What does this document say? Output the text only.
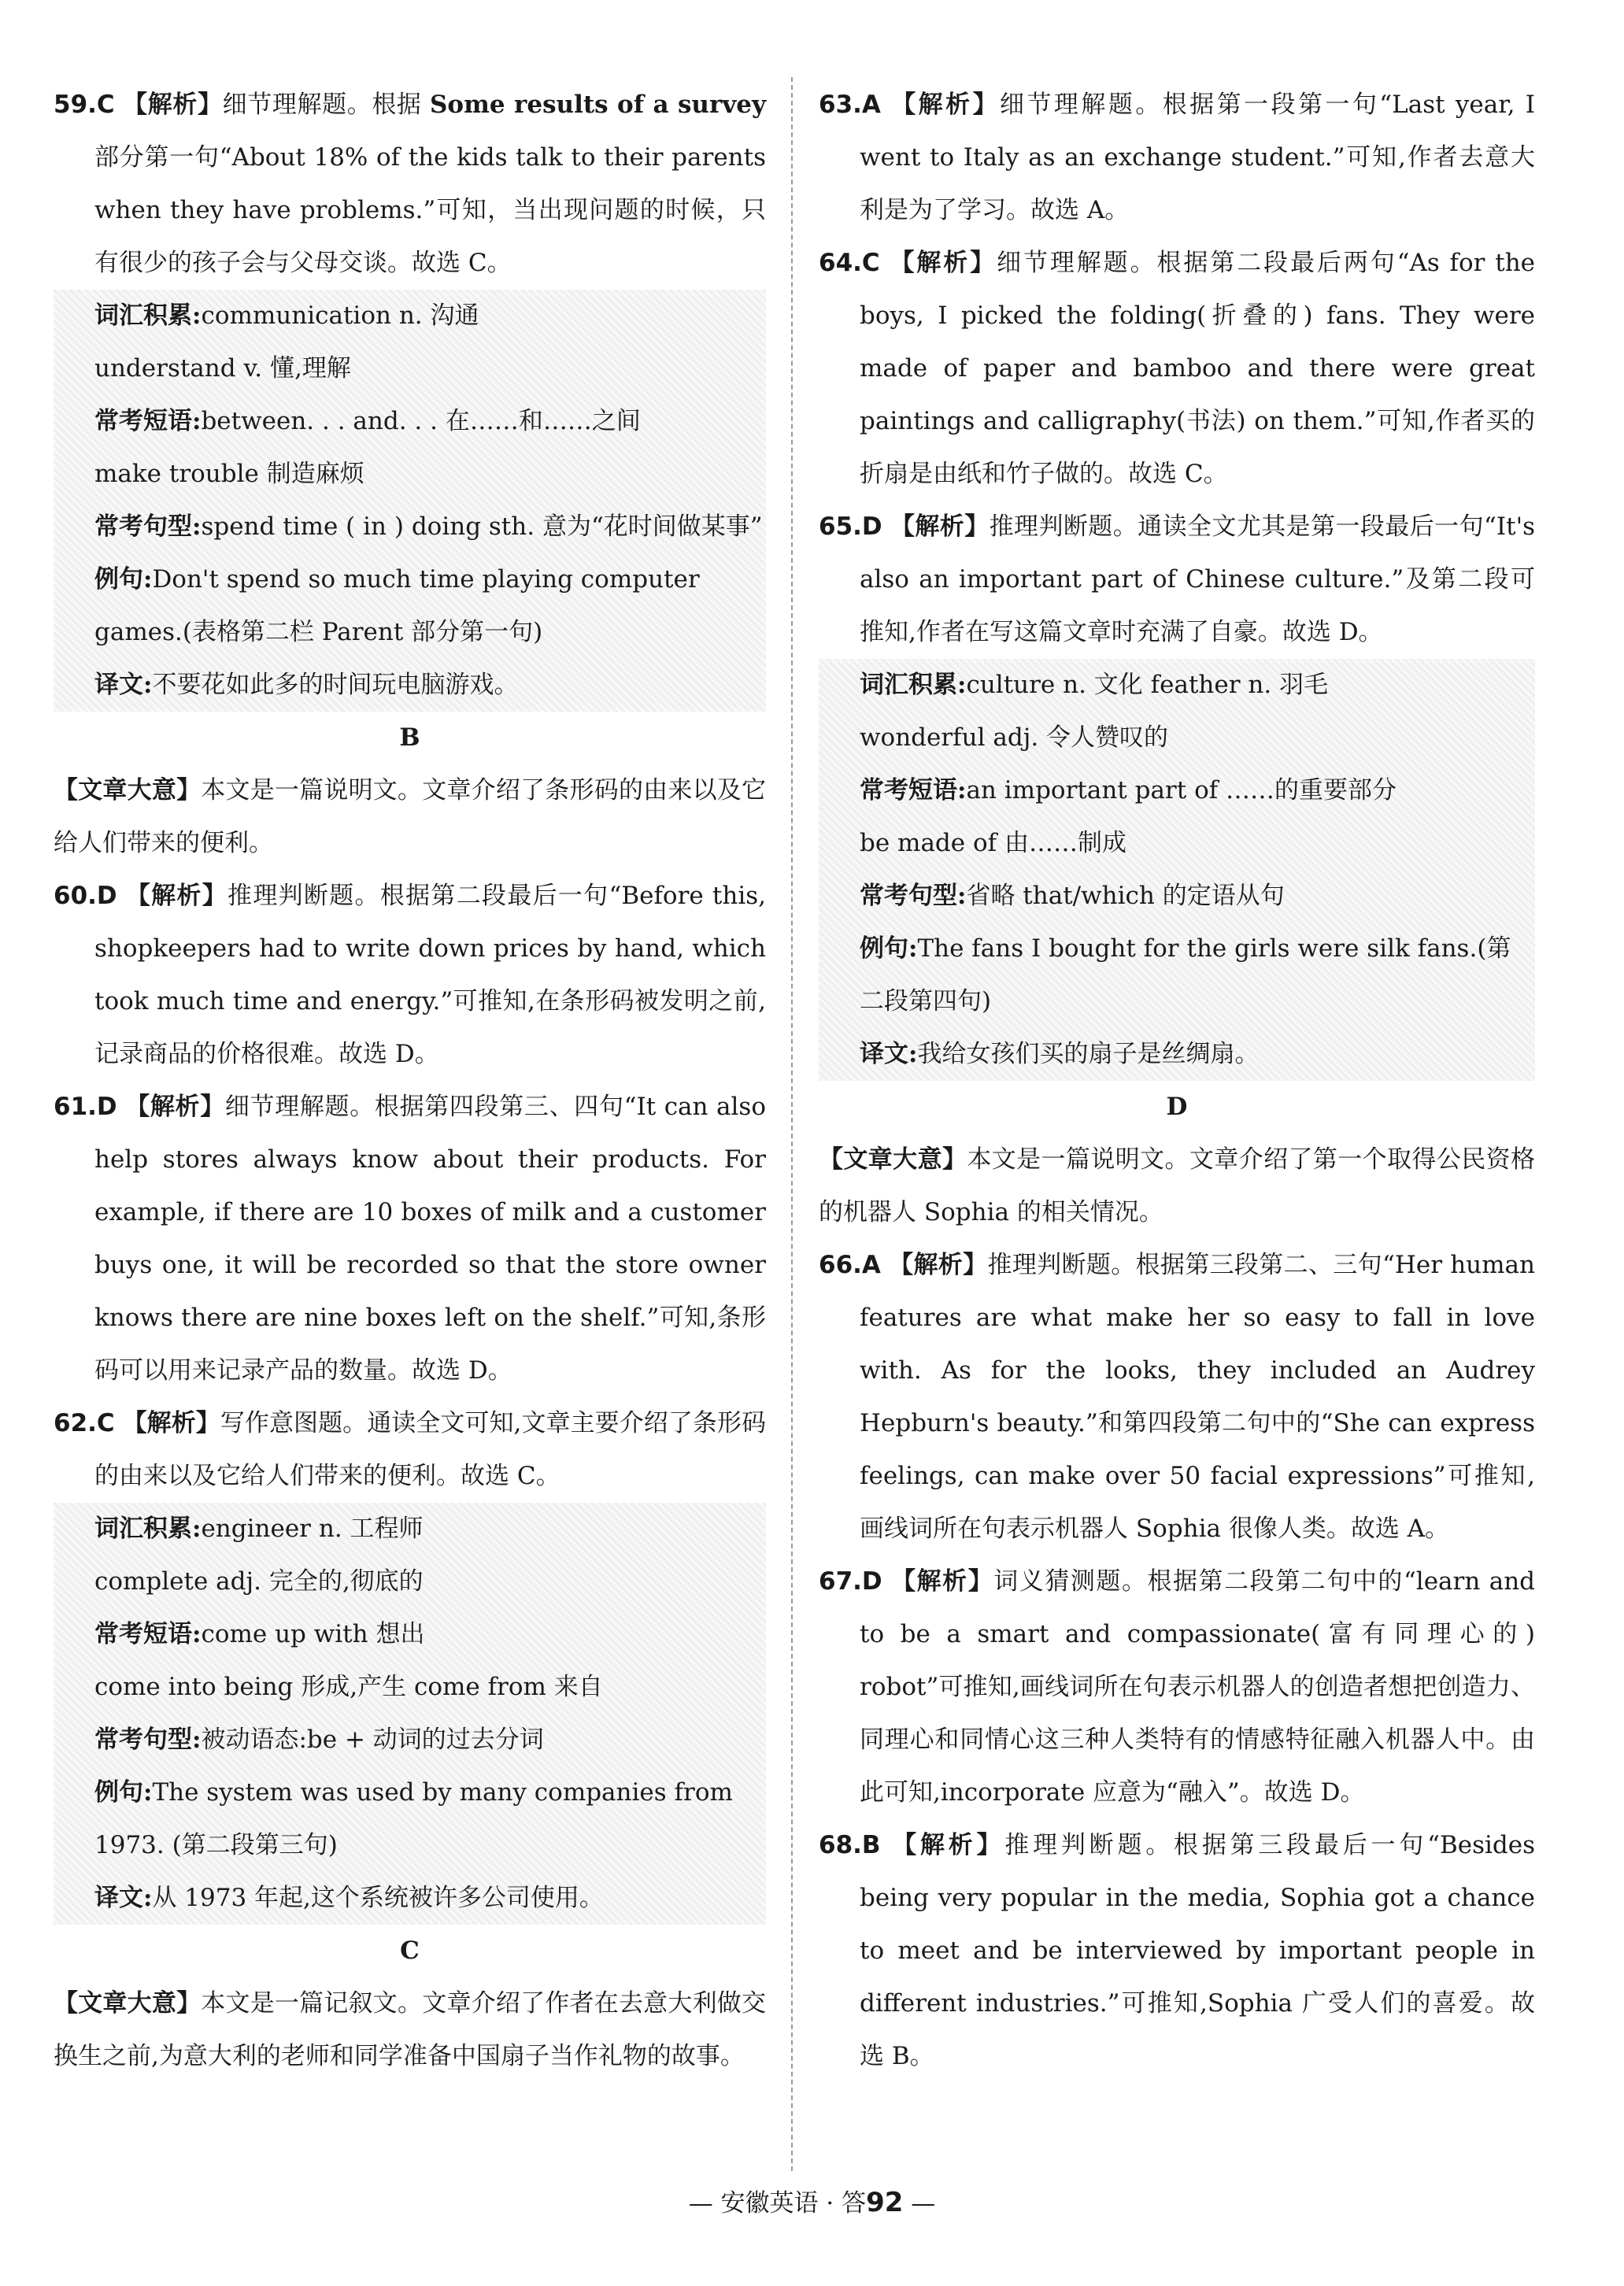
59.C 【解析】细节理解题。根据 Some results of a survey部分第一句“About 18% of the kids talk to their parents when they have problems.”可知，当出现问题的时候，只有很少的孩子会与父母交谈。故选 C。

词汇积累:communication n. 沟通

understand v. 懂,理解

常考短语:between. . . and. . . 在……和……之间

make trouble 制造麻烦

常考句型:spend time ( in ) doing sth. 意为“花时间做某事”

例句:Don't spend so much time playing computer games.(表格第二栏 Parent 部分第一句)

译文:不要花如此多的时间玩电脑游戏。

B

【文章大意】本文是一篇说明文。文章介绍了条形码的由来以及它给人们带来的便利。

60.D 【解析】推理判断题。根据第二段最后一句“Before this, shopkeepers had to write down prices by hand, which took much time and energy.”可推知,在条形码被发明之前,记录商品的价格很难。故选 D。

61.D 【解析】细节理解题。根据第四段第三、四句“It can also help stores always know about their products. For example, if there are 10 boxes of milk and a customer buys one, it will be recorded so that the store owner knows there are nine boxes left on the shelf.”可知,条形码可以用来记录产品的数量。故选 D。

62.C 【解析】写作意图题。通读全文可知,文章主要介绍了条形码的由来以及它给人们带来的便利。故选 C。

词汇积累:engineer n. 工程师

complete adj. 完全的,彻底的

常考短语:come up with 想出

come into being 形成,产生 come from 来自

常考句型:被动语态:be + 动词的过去分词

例句:The system was used by many companies from 1973. (第二段第三句)

译文:从 1973 年起,这个系统被许多公司使用。

C

【文章大意】本文是一篇记叙文。文章介绍了作者在去意大利做交换生之前,为意大利的老师和同学准备中国扇子当作礼物的故事。

63.A 【解析】细节理解题。根据第一段第一句“Last year, I went to Italy as an exchange student.”可知,作者去意大利是为了学习。故选 A。

64.C 【解析】细节理解题。根据第二段最后两句“As for the boys, I picked the folding(折叠的) fans. They were made of paper and bamboo and there were great paintings and calligraphy(书法) on them.”可知,作者买的折扇是由纸和竹子做的。故选 C。

65.D 【解析】推理判断题。通读全文尤其是第一段最后一句“It's also an important part of Chinese culture.”及第二段可推知,作者在写这篇文章时充满了自豪。故选 D。

词汇积累:culture n. 文化 feather n. 羽毛

wonderful adj. 令人赞叹的

常考短语:an important part of ……的重要部分

be made of 由……制成

常考句型:省略 that/which 的定语从句

例句:The fans I bought for the girls were silk fans.(第二段第四句)

译文:我给女孩们买的扇子是丝绸扇。

D

【文章大意】本文是一篇说明文。文章介绍了第一个取得公民资格的机器人 Sophia 的相关情况。

66.A 【解析】推理判断题。根据第三段第二、三句“Her human features are what make her so easy to fall in love with. As for the looks, they included an Audrey Hepburn's beauty.”和第四段第二句中的“She can express feelings, can make over 50 facial expressions”可推知,画线词所在句表示机器人 Sophia 很像人类。故选 A。

67.D 【解析】词义猜测题。根据第二段第二句中的“learn and to be a smart and compassionate(富有同理心的) robot”可推知,画线词所在句表示机器人的创造者想把创造力、同理心和同情心这三种人类特有的情感特征融入机器人中。由此可知,incorporate 应意为“融入”。故选 D。

68.B 【解析】推理判断题。根据第三段最后一句“Besides being very popular in the media, Sophia got a chance to meet and be interviewed by important people in different industries.”可推知,Sophia 广受人们的喜爱。故选 B。

— 安徽英语 · 答92 —
